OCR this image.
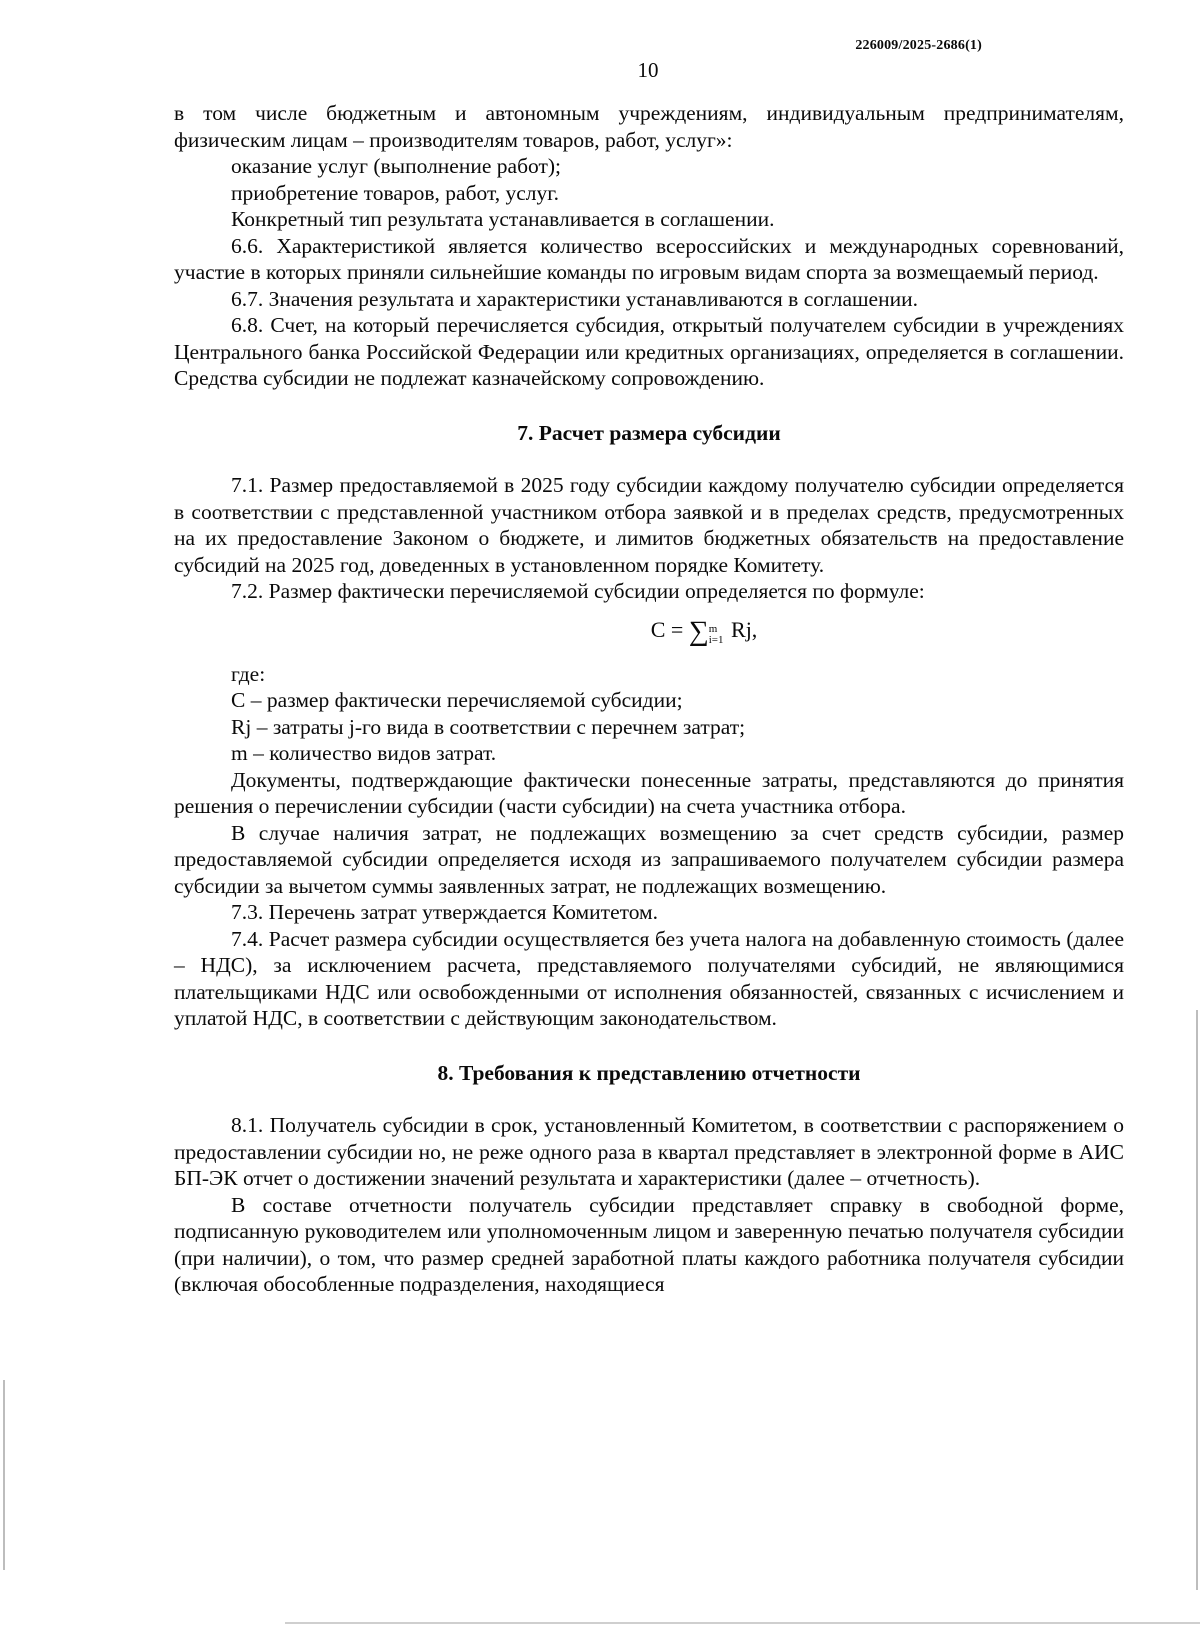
226009/2025-2686(1)
10

в том числе бюджетным и автономным учреждениям, индивидуальным предпринимателям, физическим лицам – производителям товаров, работ, услуг»:

оказание услуг (выполнение работ);

приобретение товаров, работ, услуг.

Конкретный тип результата устанавливается в соглашении.

6.6. Характеристикой является количество всероссийских и международных соревнований, участие в которых приняли сильнейшие команды по игровым видам спорта за возмещаемый период.

6.7. Значения результата и характеристики устанавливаются в соглашении.

6.8. Счет, на который перечисляется субсидия, открытый получателем субсидии в учреждениях Центрального банка Российской Федерации или кредитных организациях, определяется в соглашении. Средства субсидии не подлежат казначейскому сопровождению.

7. Расчет размера субсидии

7.1. Размер предоставляемой в 2025 году субсидии каждому получателю субсидии определяется в соответствии с представленной участником отбора заявкой и в пределах средств, предусмотренных на их предоставление Законом о бюджете, и лимитов бюджетных обязательств на предоставление субсидий на 2025 год, доведенных в установленном порядке Комитету.

7.2. Размер фактически перечисляемой субсидии определяется по формуле:

C = ∑ m
i=1 Rj,

где:

С – размер фактически перечисляемой субсидии;

Rj – затраты j-го вида в соответствии с перечнем затрат;

m – количество видов затрат.

Документы, подтверждающие фактически понесенные затраты, представляются до принятия решения о перечислении субсидии (части субсидии) на счета участника отбора.

В случае наличия затрат, не подлежащих возмещению за счет средств субсидии, размер предоставляемой субсидии определяется исходя из запрашиваемого получателем субсидии размера субсидии за вычетом суммы заявленных затрат, не подлежащих возмещению.

7.3. Перечень затрат утверждается Комитетом.

7.4. Расчет размера субсидии осуществляется без учета налога на добавленную стоимость (далее – НДС), за исключением расчета, представляемого получателями субсидий, не являющимися плательщиками НДС или освобожденными от исполнения обязанностей, связанных с исчислением и уплатой НДС, в соответствии с действующим законодательством.

8. Требования к представлению отчетности

8.1. Получатель субсидии в срок, установленный Комитетом, в соответствии с распоряжением о предоставлении субсидии но, не реже одного раза в квартал представляет в электронной форме в АИС БП-ЭК отчет о достижении значений результата и характеристики (далее – отчетность).

В составе отчетности получатель субсидии представляет справку в свободной форме, подписанную руководителем или уполномоченным лицом и заверенную печатью получателя субсидии (при наличии), о том, что размер средней заработной платы каждого работника получателя субсидии (включая обособленные подразделения, находящиеся
